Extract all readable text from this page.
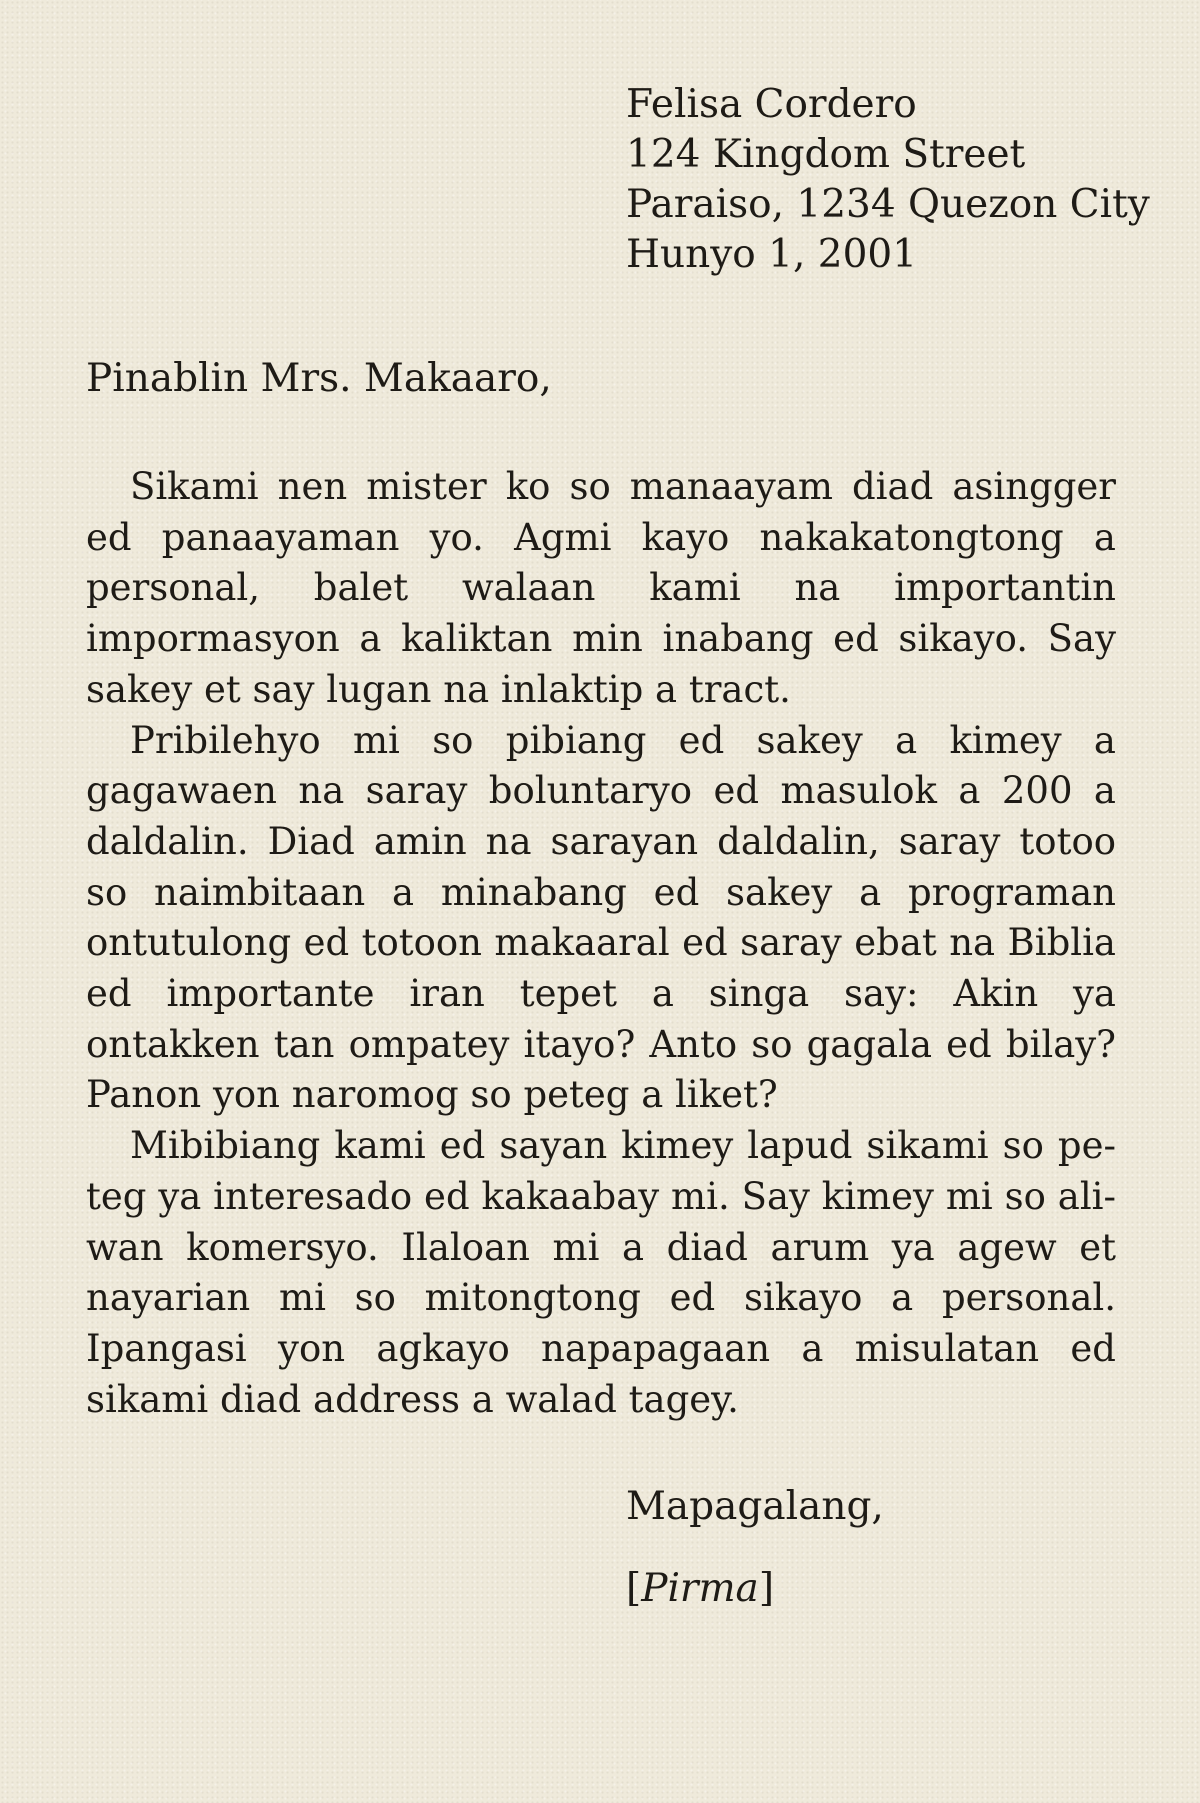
Felisa Cordero
124 Kingdom Street
Paraiso, 1234 Quezon City
Hunyo 1, 2001
Pinablin Mrs. Makaaro,

Sikami nen mister ko so manaayam diad asingger ed panaayaman yo. Agmi kayo nakakatongtong a personal, balet walaan kami na importantin impormasyon a kaliktan min inabang ed sikayo. Say sakey et say lugan na inlaktip a tract.

Pribilehyo mi so pibiang ed sakey a kimey a gagawaen na saray boluntaryo ed masulok a 200 a daldalin. Diad amin na sarayan daldalin, saray totoo so naimbitaan a minabang ed sakey a programan ontutulong ed totoon makaaral ed saray ebat na Biblia ed importante iran tepet a singa say: Akin ya ontakken tan ompatey itayo? Anto so gagala ed bilay? Panon yon naromog so peteg a liket?

Mibibiang kami ed sayan kimey lapud sikami so peteg ya interesado ed kakaabay mi. Say kimey mi so aliwan komersyo. Ilaloan mi a diad arum ya agew et nayarian mi so mitongtong ed sikayo a personal. Ipangasi yon agkayo napapagaan a misulatan ed sikami diad address a walad tagey.

Mapagalang,
[Pirma]
